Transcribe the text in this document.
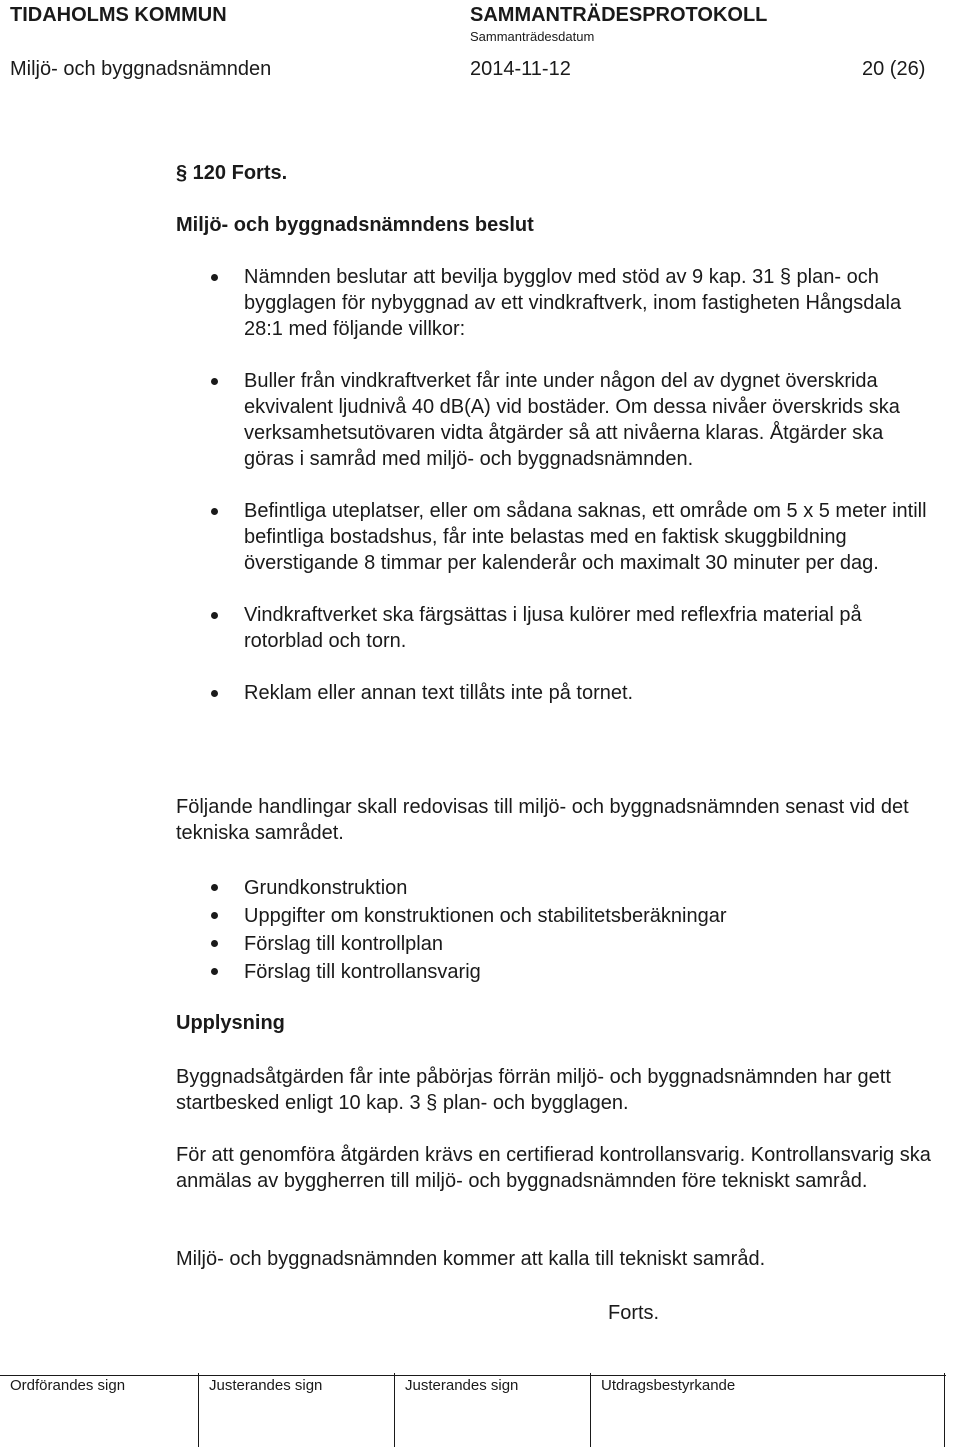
TIDAHOLMS KOMMUN	SAMMANTRÄDESPROTOKOLL
Sammanträdesdatum
Miljö- och byggnadsnämnden	2014-11-12	20 (26)
§ 120 Forts.
Miljö- och byggnadsnämndens beslut
Nämnden beslutar att bevilja bygglov med stöd av 9 kap. 31 § plan- och bygglagen för nybyggnad av ett vindkraftverk, inom fastigheten Hångsdala 28:1 med följande villkor:
Buller från vindkraftverket får inte under någon del av dygnet överskrida ekvivalent ljudnivå 40 dB(A) vid bostäder. Om dessa nivåer överskrids ska verksamhetsutövaren vidta åtgärder så att nivåerna klaras. Åtgärder ska göras i samråd med miljö- och byggnadsnämnden.
Befintliga uteplatser, eller om sådana saknas, ett område om 5 x 5 meter intill befintliga bostadshus, får inte belastas med en faktisk skuggbildning överstigande 8 timmar per kalenderår och maximalt 30 minuter per dag.
Vindkraftverket ska färgsättas i ljusa kulörer med reflexfria material på rotorblad och torn.
Reklam eller annan text tillåts inte på tornet.
Följande handlingar skall redovisas till miljö- och byggnadsnämnden senast vid det tekniska samrådet.
Grundkonstruktion
Uppgifter om konstruktionen och stabilitetsberäkningar
Förslag till kontrollplan
Förslag till kontrollansvarig
Upplysning
Byggnadsåtgärden får inte påbörjas förrän miljö- och byggnadsnämnden har gett startbesked enligt 10 kap. 3 § plan- och bygglagen.
För att genomföra åtgärden krävs en certifierad kontrollansvarig. Kontrollansvarig ska anmälas av byggherren till miljö- och byggnadsnämnden före tekniskt samråd.
Miljö- och byggnadsnämnden kommer att kalla till tekniskt samråd.
Forts.
Ordförandes sign	Justerandes sign	Justerandes sign	Utdragsbestyrkande
